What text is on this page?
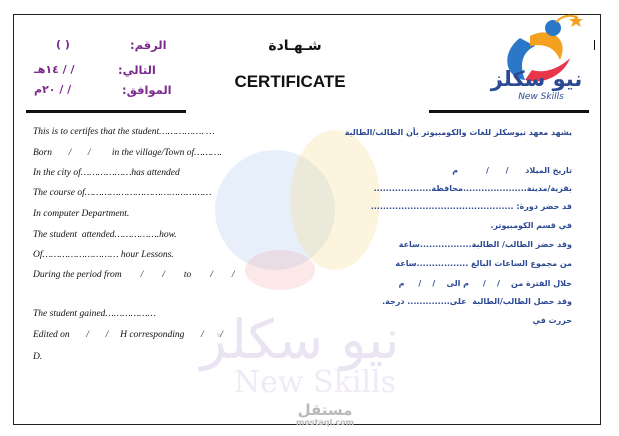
نيو سكلز
New Skills
نيو سكلز
New Skills
شـهـادة
CERTIFICATE
الرقم:
( )
التالي:
١٤هـ / /
الموافق:
٢٠م / /
This is to certifes that the student……………. …
Born       /       /         in the village/Town of……….
In the city of………………has attended
The course of………………………………………
In computer Department.
The student  attended…………….how.
Of……………………… hour Lessons.
During the period from        /        /        to        /        /
The student gained………………
Edited on       /       /     H corresponding       /       /
D.
يشهد معهد نيوسكلز للغات والكومبيوتر بأن الطالب/الطالبة
تاريخ الميلاد      /      /          م
بقرية/مدينة.....................محافظة...................
قد حضر دورة: ...............................................
في قسم الكومبيوتر.
وقد حضر الطالب/ الطالبة.................ساعة
من مجموع الساعات البالغ .................ساعة
خلال الفترة من    /    /     م الى    /    /     م
وقد حصل الطالب/الطالبة  على.............. درجة.
حررت في
مستقل
mostaql.com
